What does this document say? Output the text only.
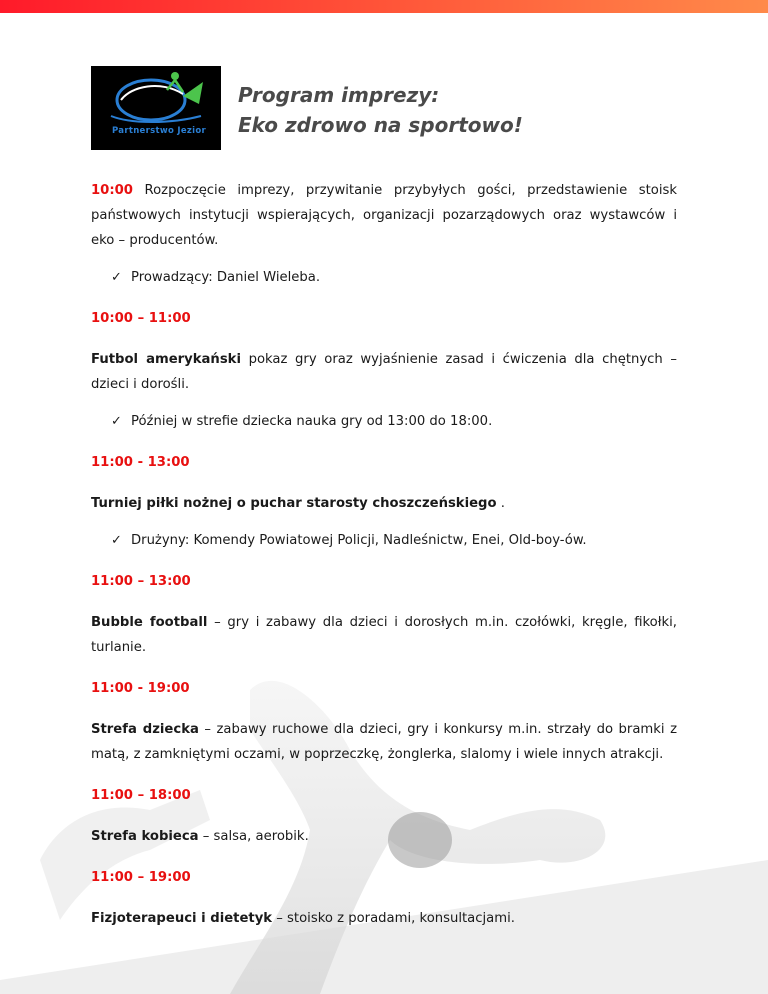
Partnerstwo Jezior
Program imprezy:
Eko zdrowo na sportowo!

10:00 Rozpoczęcie imprezy, przywitanie przybyłych gości, przedstawienie stoisk państwowych instytucji wspierających, organizacji pozarządowych oraz wystawców i eko – producentów.

✓ Prowadzący: Daniel Wieleba.

10:00 – 11:00

Futbol amerykański pokaz gry oraz wyjaśnienie zasad i ćwiczenia dla chętnych – dzieci i dorośli.

✓ Później w strefie dziecka nauka gry od 13:00 do 18:00.

11:00 - 13:00

Turniej piłki nożnej o puchar starosty choszczeńskiego .

✓ Drużyny: Komendy Powiatowej Policji, Nadleśnictw, Enei, Old-boy-ów.

11:00 – 13:00

Bubble football – gry i zabawy dla dzieci i dorosłych m.in. czołówki, kręgle, fikołki, turlanie.

11:00 - 19:00

Strefa dziecka – zabawy ruchowe dla dzieci, gry i konkursy m.in. strzały do bramki z matą, z zamkniętymi oczami, w poprzeczkę, żonglerka, slalomy i wiele innych atrakcji.

11:00 – 18:00

Strefa kobieca – salsa, aerobik.

11:00 – 19:00

Fizjoterapeuci i dietetyk – stoisko z poradami, konsultacjami.
